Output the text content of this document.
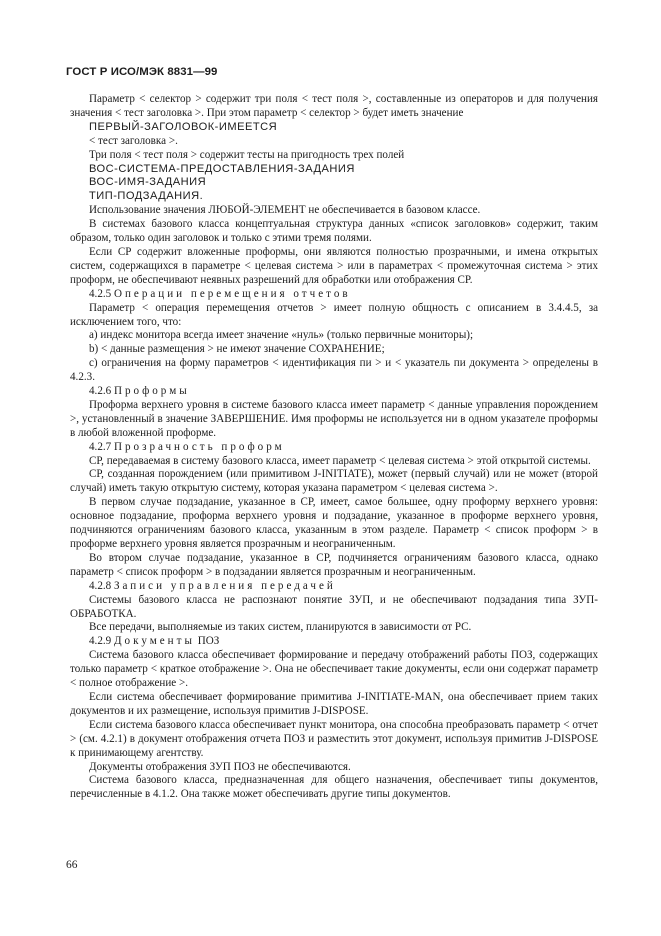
ГОСТ Р ИСО/МЭК 8831—99

Параметр < селектор > содержит три поля < тест поля >, составленные из операторов и для получения значения < тест заголовка >. При этом параметр < селектор > будет иметь значение

ПЕРВЫЙ-ЗАГОЛОВОК-ИМЕЕТСЯ

< тест заголовка >.

Три поля < тест поля > содержит тесты на пригодность трех полей

ВОС-СИСТЕМА-ПРЕДОСТАВЛЕНИЯ-ЗАДАНИЯ

ВОС-ИМЯ-ЗАДАНИЯ

ТИП-ПОДЗАДАНИЯ.

Использование значения ЛЮБОЙ-ЭЛЕМЕНТ не обеспечивается в базовом классе.

В системах базового класса концептуальная структура данных «список заголовков» содержит, таким образом, только один заголовок и только с этими тремя полями.

Если СР содержит вложенные проформы, они являются полностью прозрачными, и имена открытых систем, содержащихся в параметре < целевая система > или в параметрах < промежуточная система > этих проформ, не обеспечивают неявных разрешений для обработки или отображения СР.

4.2.5 Операции перемещения отчетов

Параметр < операция перемещения отчетов > имеет полную общность с описанием в 3.4.4.5, за исключением того, что:

а) индекс монитора всегда имеет значение «нуль» (только первичные мониторы);

b) < данные размещения > не имеют значение СОХРАНЕНИЕ;

с) ограничения на форму параметров < идентификация пи > и < указатель пи документа > определены в 4.2.3.

4.2.6 Проформы

Проформа верхнего уровня в системе базового класса имеет параметр < данные управления порождением >, установленный в значение ЗАВЕРШЕНИЕ. Имя проформы не используется ни в одном указателе проформы в любой вложенной проформе.

4.2.7 Прозрачность проформ

СР, передаваемая в систему базового класса, имеет параметр < целевая система > этой открытой системы.

СР, созданная порождением (или примитивом J-INITIATE), может (первый случай) или не может (второй случай) иметь такую открытую систему, которая указана параметром < целевая система >.

В первом случае подзадание, указанное в СР, имеет, самое большее, одну проформу верхнего уровня: основное подзадание, проформа верхнего уровня и подзадание, указанное в проформе верхнего уровня, подчиняются ограничениям базового класса, указанным в этом разделе. Параметр < список проформ > в проформе верхнего уровня является прозрачным и неограниченным.

Во втором случае подзадание, указанное в СР, подчиняется ограничениям базового класса, однако параметр < список проформ > в подзадании является прозрачным и неограниченным.

4.2.8 Записи управления передачей

Системы базового класса не распознают понятие ЗУП, и не обеспечивают подзадания типа ЗУП-ОБРАБОТКА.

Все передачи, выполняемые из таких систем, планируются в зависимости от РС.

4.2.9 Документы ПОЗ

Система базового класса обеспечивает формирование и передачу отображений работы ПОЗ, содержащих только параметр < краткое отображение >. Она не обеспечивает такие документы, если они содержат параметр < полное отображение >.

Если система обеспечивает формирование примитива J-INITIATE-MAN, она обеспечивает прием таких документов и их размещение, используя примитив J-DISPOSE.

Если система базового класса обеспечивает пункт монитора, она способна преобразовать параметр < отчет > (см. 4.2.1) в документ отображения отчета ПОЗ и разместить этот документ, используя примитив J-DISPOSE к принимающему агентству.

Документы отображения ЗУП ПОЗ не обеспечиваются.

Система базового класса, предназначенная для общего назначения, обеспечивает типы документов, перечисленные в 4.1.2. Она также может обеспечивать другие типы документов.

66
